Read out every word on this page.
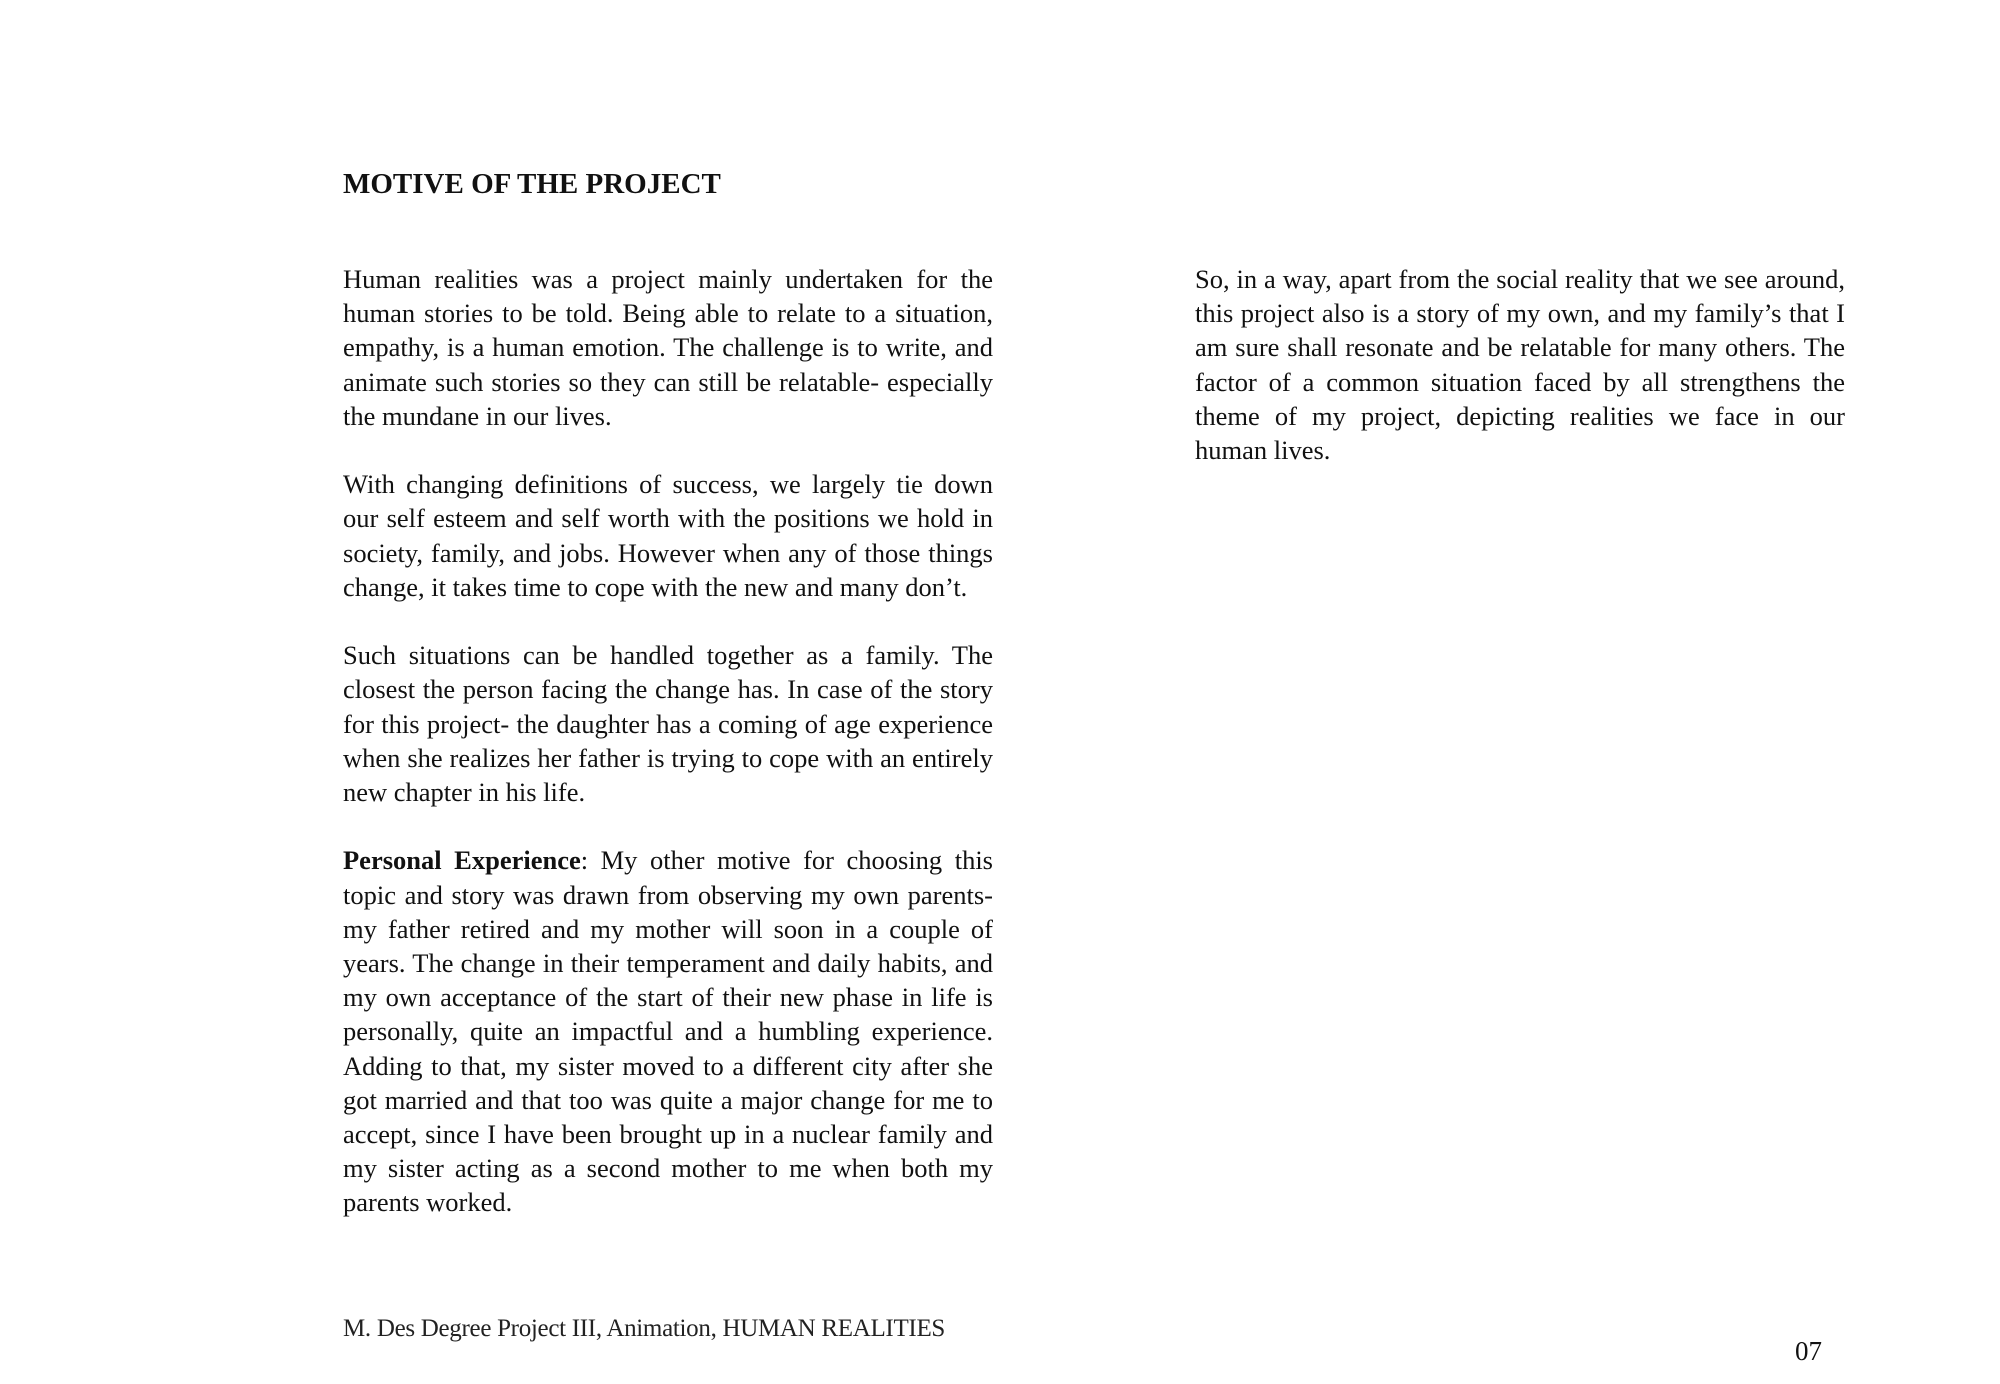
MOTIVE OF THE PROJECT

Human realities was a project mainly undertaken for the human stories to be told. Being able to relate to a situation, empathy, is a human emotion. The challenge is to write, and animate such stories so they can still be relatable- especially the mundane in our lives.

With changing definitions of success, we largely tie down our self esteem and self worth with the positions we hold in society, family, and jobs. However when any of those things change, it takes time to cope with the new and many don’t.

Such situations can be handled together as a family. The closest the person facing the change has. In case of the story for this project- the daughter has a coming of age experience when she realizes her father is trying to cope with an entirely new chapter in his life.

Personal Experience: My other motive for choosing this topic and story was drawn from observing my own parents- my father retired and my mother will soon in a couple of years. The change in their temperament and daily habits, and my own acceptance of the start of their new phase in life is personally, quite an impactful and a humbling experience. Adding to that, my sister moved to a different city after she got married and that too was quite a major change for me to accept, since I have been brought up in a nuclear family and my sister acting as a second mother to me when both my parents worked.

So, in a way, apart from the social reality that we see around, this project also is a story of my own, and my family’s that I am sure shall resonate and be relatable for many others. The factor of a common situation faced by all strengthens the theme of my project, depicting realities we face in our human lives.

M. Des Degree Project III, Animation, HUMAN REALITIES
07
